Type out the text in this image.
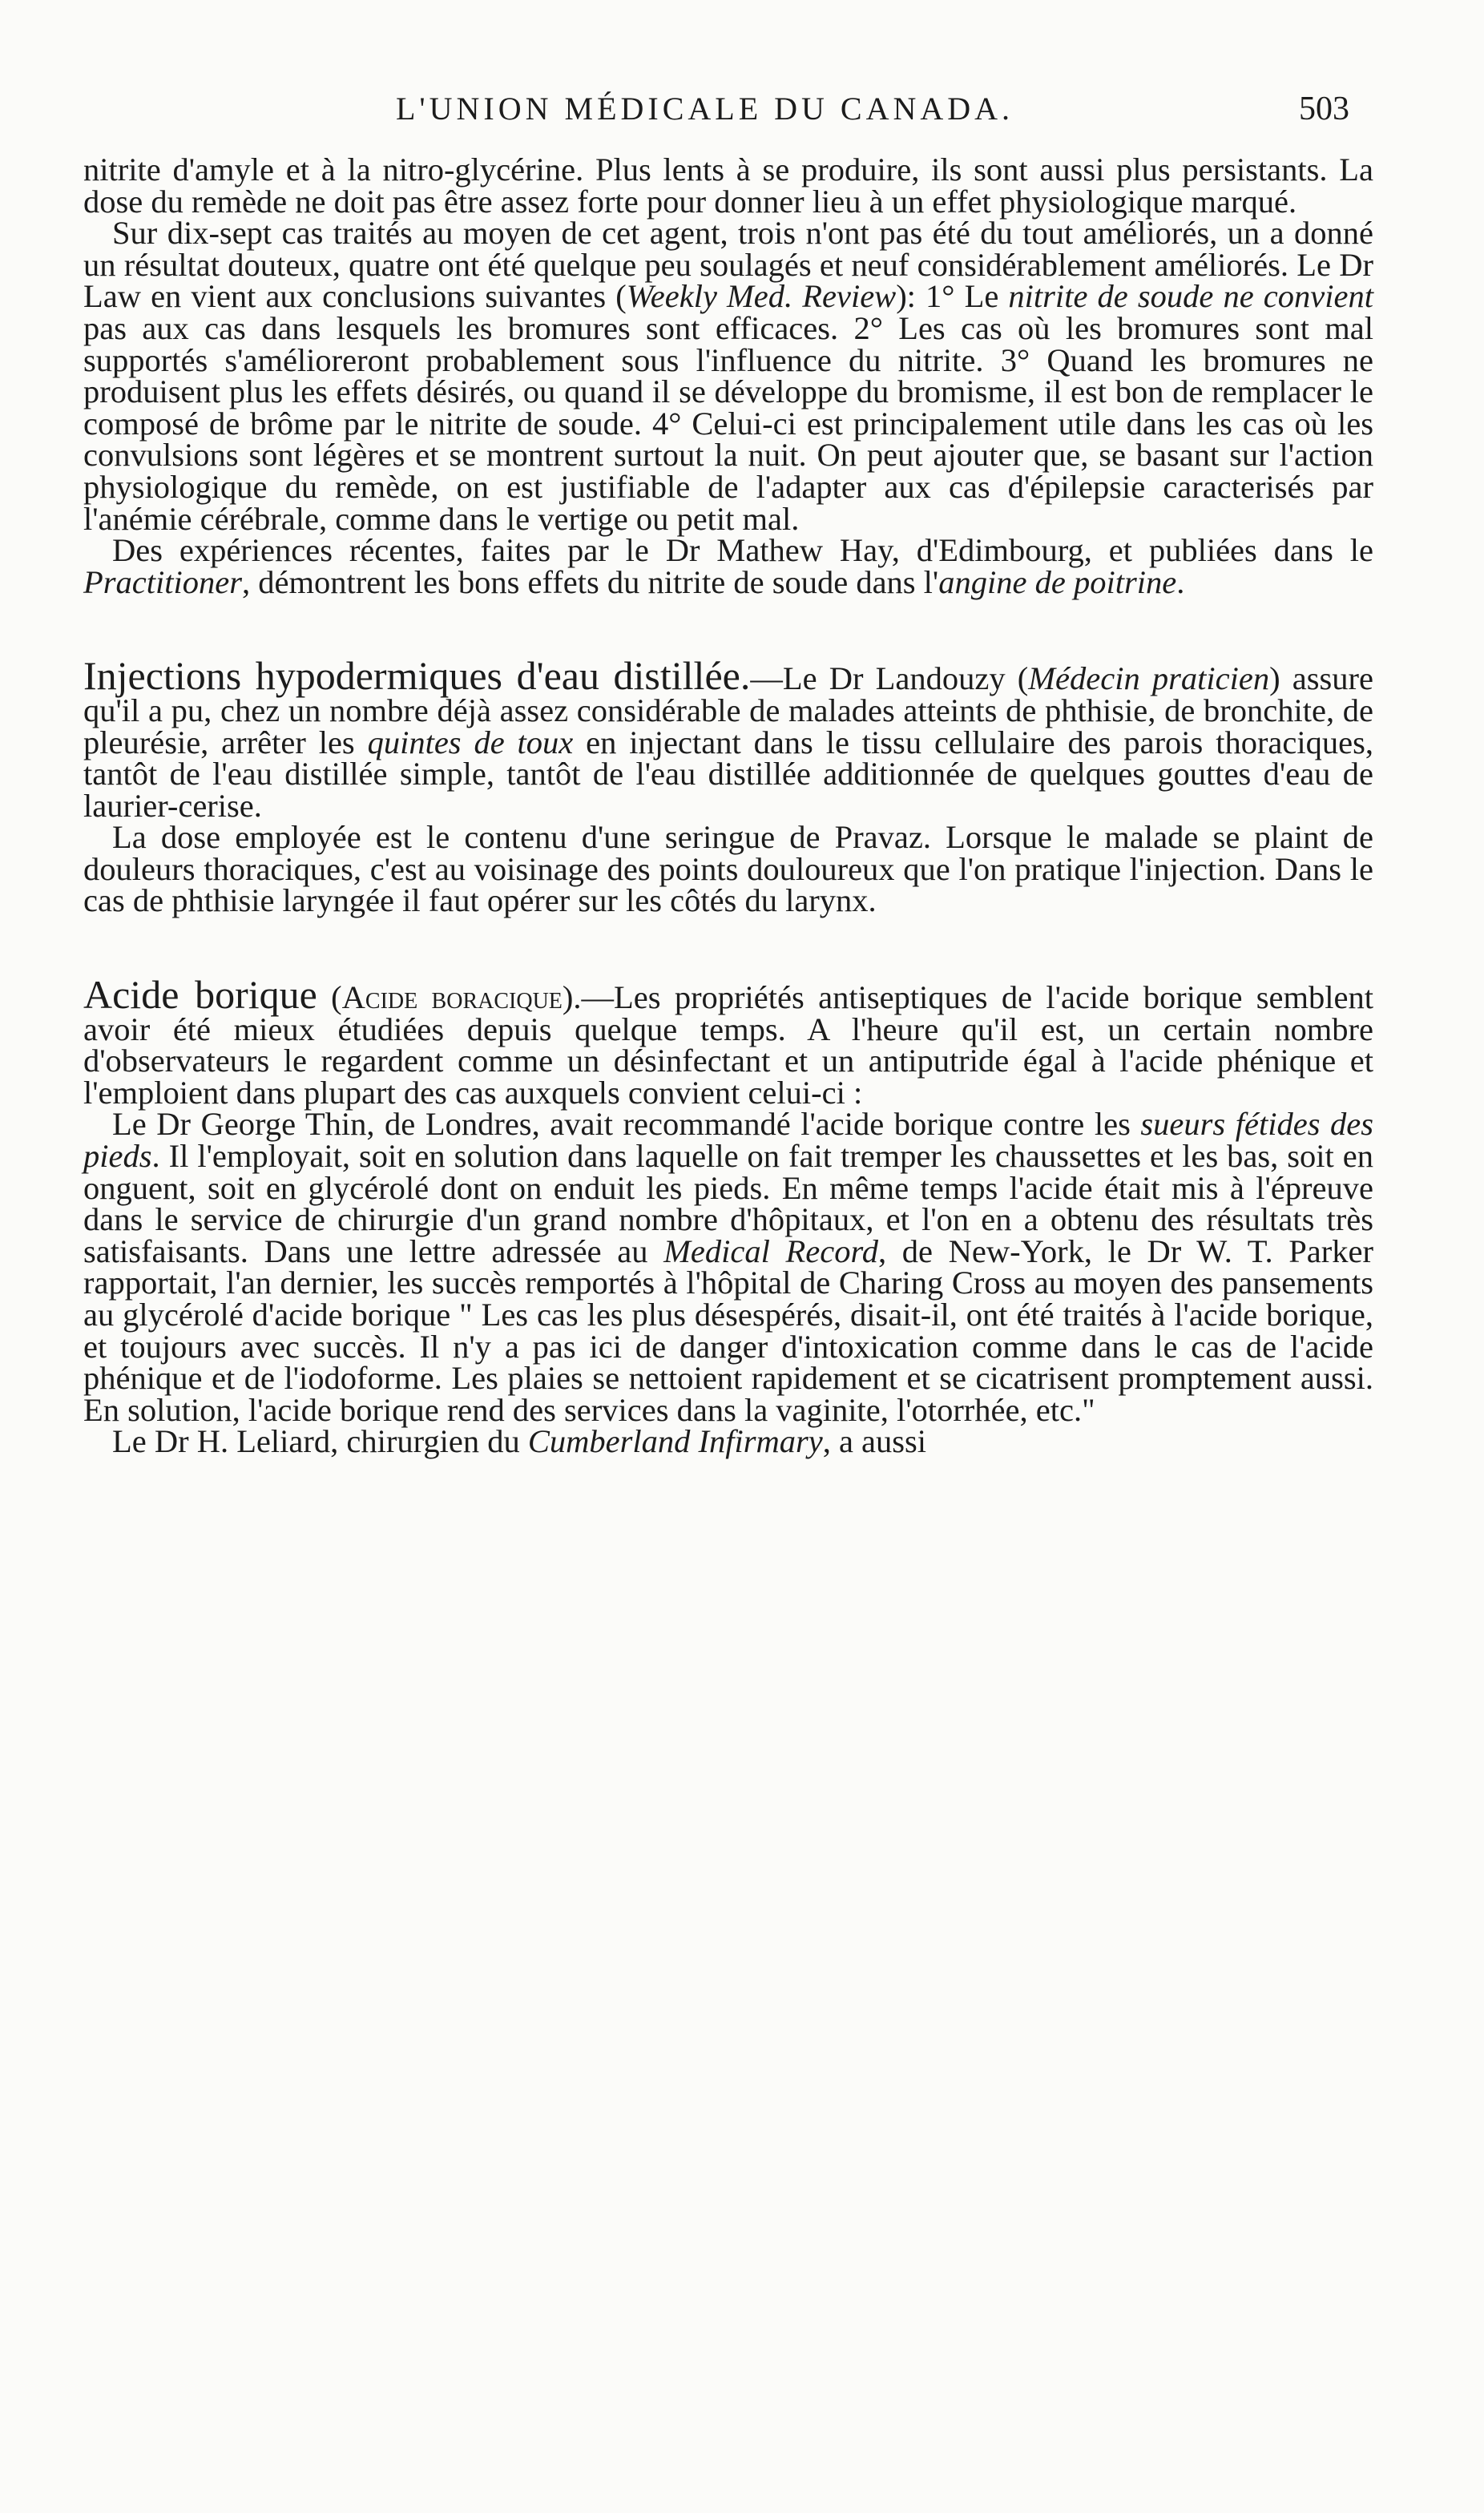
L'UNION MÉDICALE DU CANADA.	503

nitrite d'amyle et à la nitro-glycérine. Plus lents à se produire, ils sont aussi plus persistants. La dose du remède ne doit pas être assez forte pour donner lieu à un effet physiologique marqué.

Sur dix-sept cas traités au moyen de cet agent, trois n'ont pas été du tout améliorés, un a donné un résultat douteux, quatre ont été quelque peu soulagés et neuf considérablement améliorés. Le Dr Law en vient aux conclusions suivantes (Weekly Med. Review): 1° Le nitrite de soude ne convient pas aux cas dans lesquels les bromures sont efficaces. 2° Les cas où les bromures sont mal supportés s'amélioreront probablement sous l'influence du nitrite. 3° Quand les bromures ne produisent plus les effets désirés, ou quand il se développe du bromisme, il est bon de remplacer le composé de brôme par le nitrite de soude. 4° Celui-ci est principalement utile dans les cas où les convulsions sont légères et se montrent surtout la nuit. On peut ajouter que, se basant sur l'action physiologique du remède, on est justifiable de l'adapter aux cas d'épilepsie caracterisés par l'anémie cérébrale, comme dans le vertige ou petit mal.

Des expériences récentes, faites par le Dr Mathew Hay, d'Edimbourg, et publiées dans le Practitioner, démontrent les bons effets du nitrite de soude dans l'angine de poitrine.

Injections hypodermiques d'eau distillée.—Le Dr Landouzy (Médecin praticien) assure qu'il a pu, chez un nombre déjà assez considérable de malades atteints de phthisie, de bronchite, de pleurésie, arrêter les quintes de toux en injectant dans le tissu cellulaire des parois thoraciques, tantôt de l'eau distillée simple, tantôt de l'eau distillée additionnée de quelques gouttes d'eau de laurier-cerise.

La dose employée est le contenu d'une seringue de Pravaz. Lorsque le malade se plaint de douleurs thoraciques, c'est au voisinage des points douloureux que l'on pratique l'injection. Dans le cas de phthisie laryngée il faut opérer sur les côtés du larynx.

Acide borique (Acide boracique).—Les propriétés antiseptiques de l'acide borique semblent avoir été mieux étudiées depuis quelque temps. A l'heure qu'il est, un certain nombre d'observateurs le regardent comme un désinfectant et un antiputride égal à l'acide phénique et l'emploient dans plupart des cas auxquels convient celui-ci :

Le Dr George Thin, de Londres, avait recommandé l'acide borique contre les sueurs fétides des pieds. Il l'employait, soit en solution dans laquelle on fait tremper les chaussettes et les bas, soit en onguent, soit en glycérolé dont on enduit les pieds. En même temps l'acide était mis à l'épreuve dans le service de chirurgie d'un grand nombre d'hôpitaux, et l'on en a obtenu des résultats très satisfaisants. Dans une lettre adressée au Medical Record, de New-York, le Dr W. T. Parker rapportait, l'an dernier, les succès remportés à l'hôpital de Charing Cross au moyen des pansements au glycérolé d'acide borique " Les cas les plus désespérés, disait-il, ont été traités à l'acide borique, et toujours avec succès. Il n'y a pas ici de danger d'intoxication comme dans le cas de l'acide phénique et de l'iodoforme. Les plaies se nettoient rapidement et se cicatrisent promptement aussi. En solution, l'acide borique rend des services dans la vaginite, l'otorrhée, etc."

Le Dr H. Leliard, chirurgien du Cumberland Infirmary, a aussi
